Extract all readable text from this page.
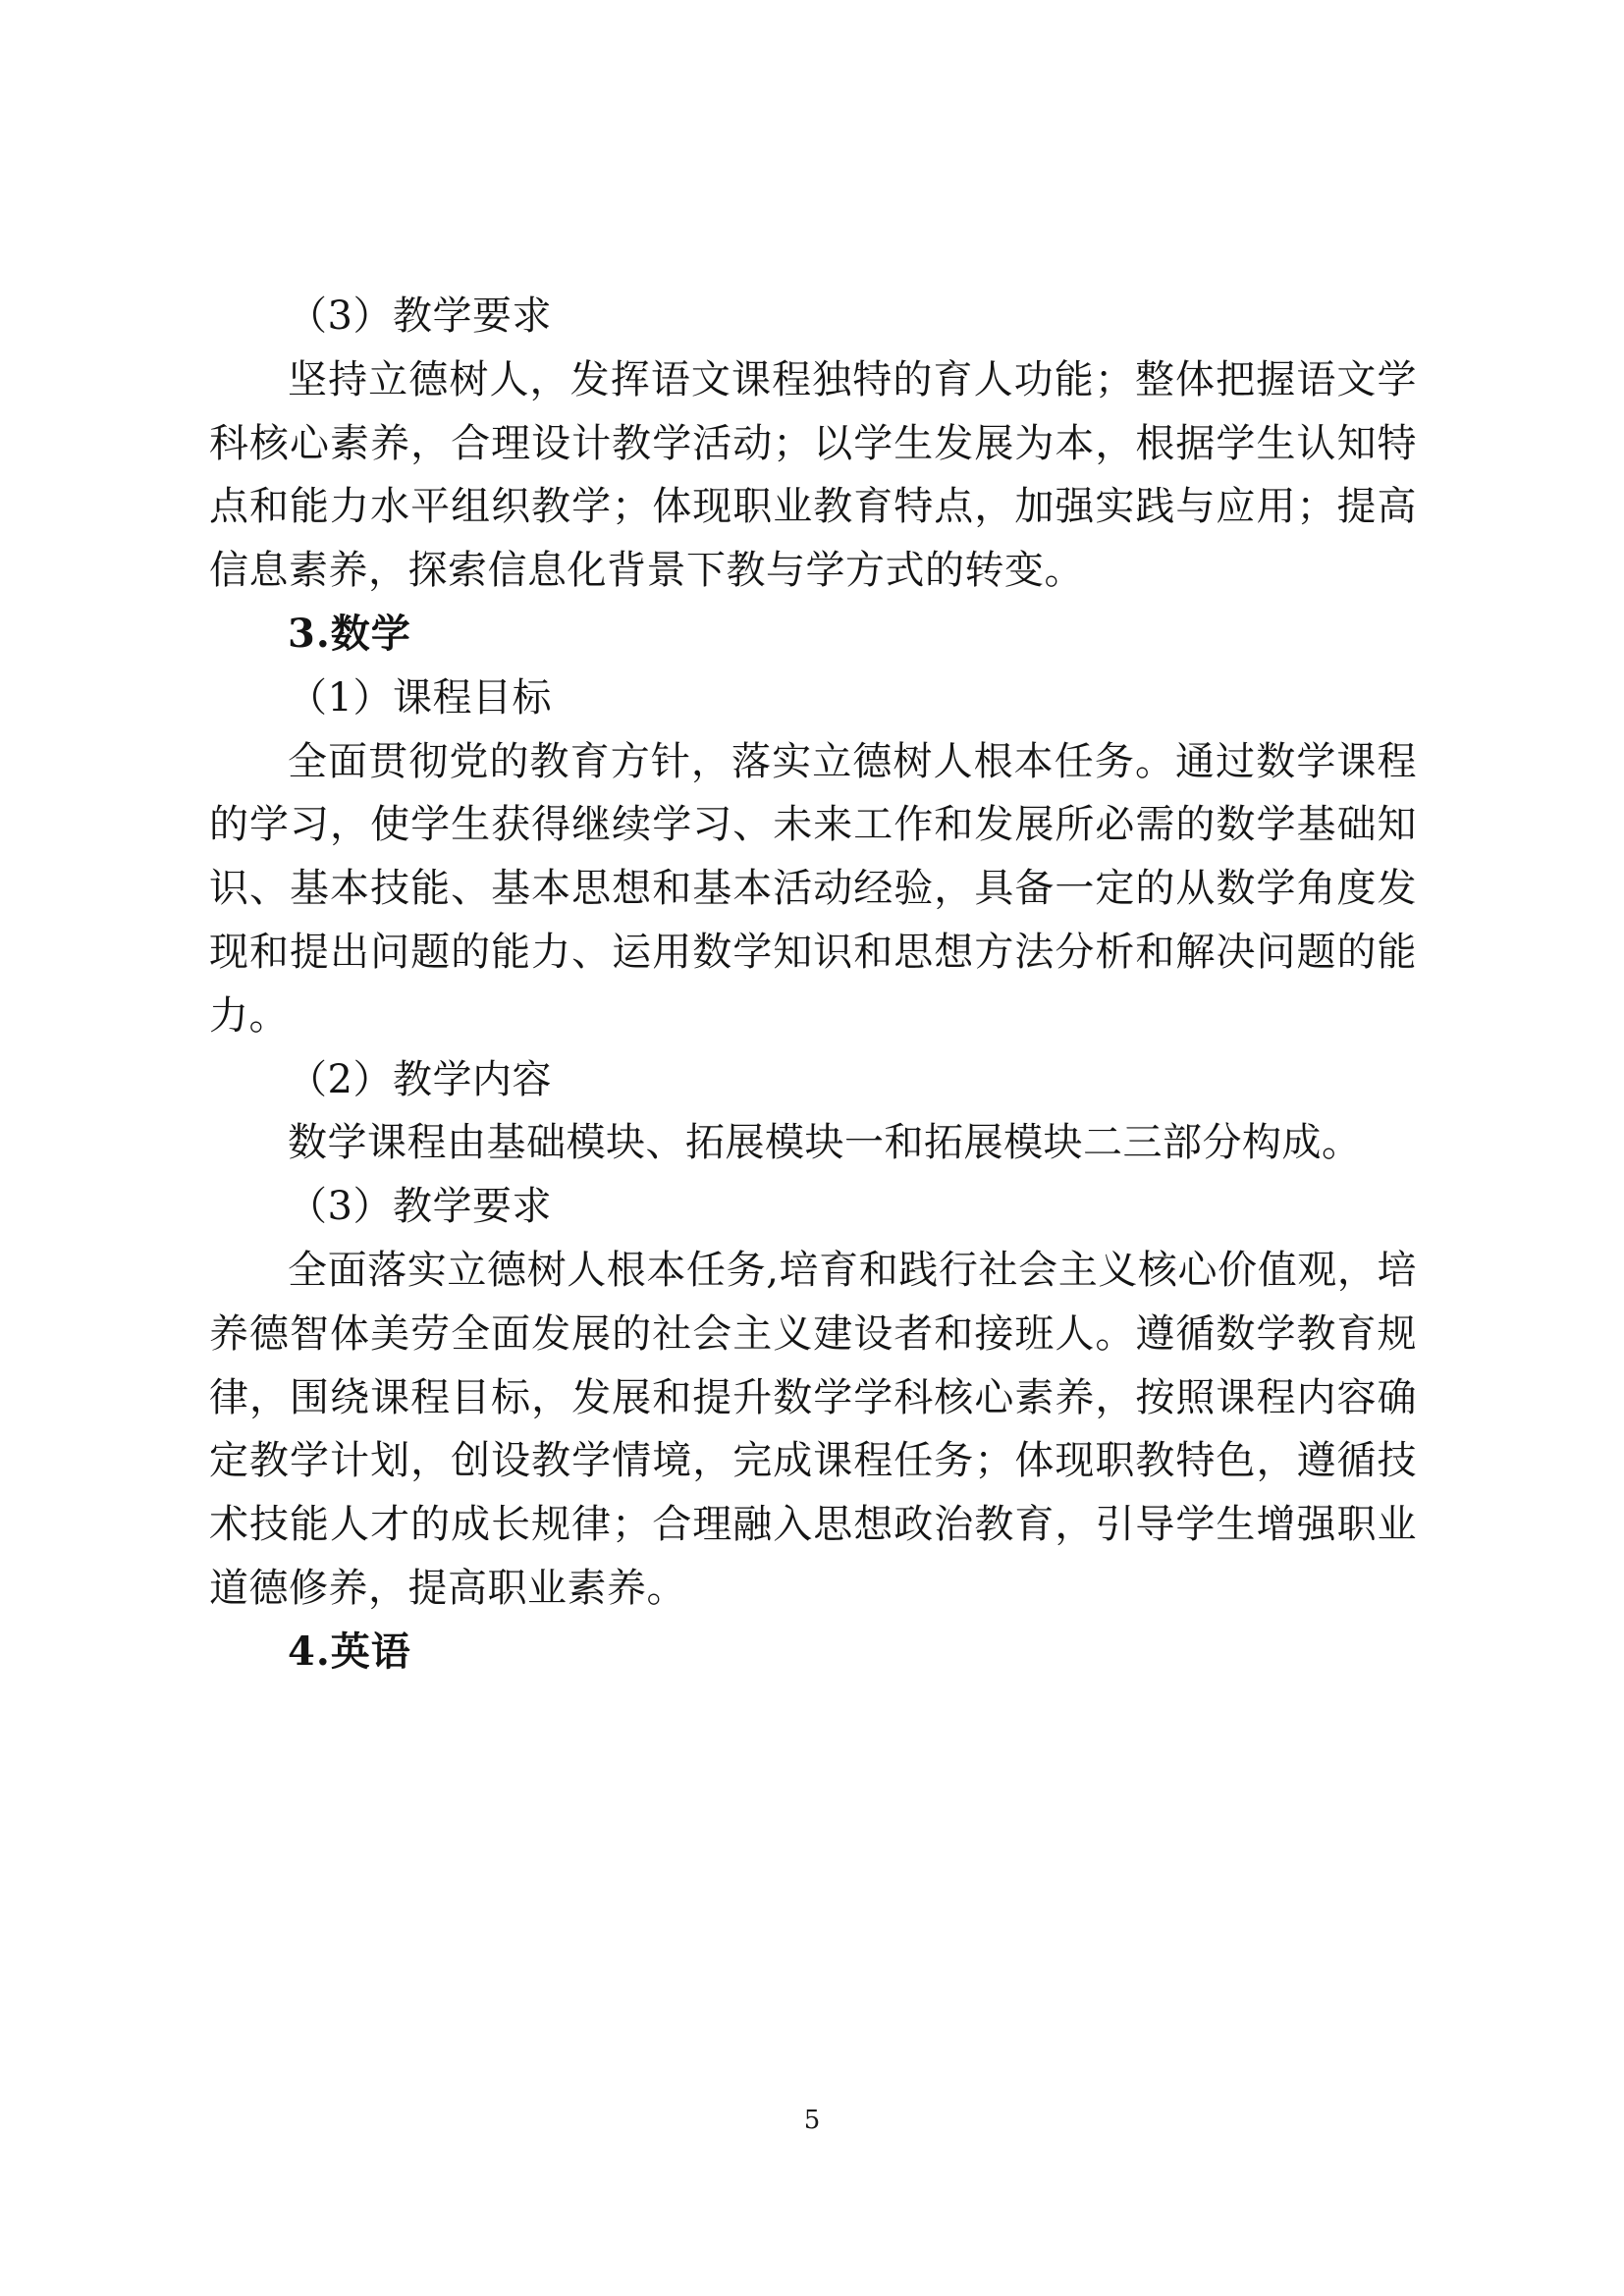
（3）教学要求

坚持立德树人，发挥语文课程独特的育人功能；整体把握语文学科核心素养，合理设计教学活动；以学生发展为本，根据学生认知特点和能力水平组织教学；体现职业教育特点，加强实践与应用；提高信息素养，探索信息化背景下教与学方式的转变。

3.数学

（1）课程目标

全面贯彻党的教育方针，落实立德树人根本任务。通过数学课程的学习，使学生获得继续学习、未来工作和发展所必需的数学基础知识、基本技能、基本思想和基本活动经验，具备一定的从数学角度发现和提出问题的能力、运用数学知识和思想方法分析和解决问题的能力。

（2）教学内容

数学课程由基础模块、拓展模块一和拓展模块二三部分构成。

（3）教学要求

全面落实立德树人根本任务,培育和践行社会主义核心价值观，培养德智体美劳全面发展的社会主义建设者和接班人。遵循数学教育规律，围绕课程目标，发展和提升数学学科核心素养，按照课程内容确定教学计划，创设教学情境，完成课程任务；体现职教特色，遵循技术技能人才的成长规律；合理融入思想政治教育，引导学生增强职业道德修养，提高职业素养。

4.英语

5
